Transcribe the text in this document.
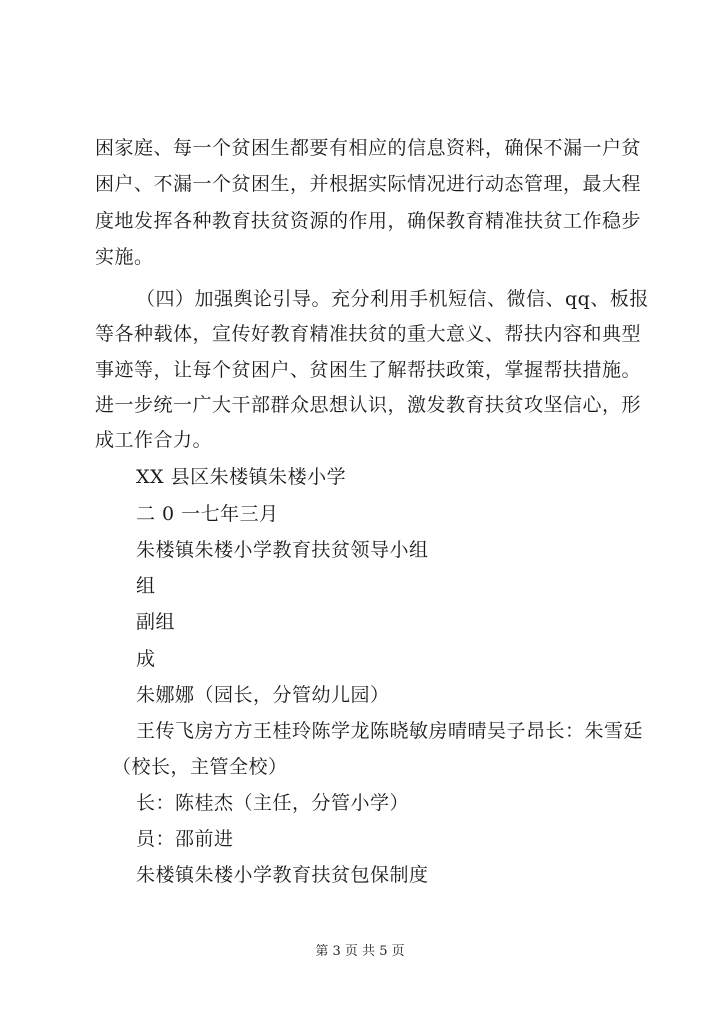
困家庭、每一个贫困生都要有相应的信息资料，确保不漏一户贫
困户、不漏一个贫困生，并根据实际情况进行动态管理，最大程
度地发挥各种教育扶贫资源的作用，确保教育精准扶贫工作稳步
实施。
（四）加强舆论引导。充分利用手机短信、微信、qq、板报
等各种载体，宣传好教育精准扶贫的重大意义、帮扶内容和典型
事迹等，让每个贫困户、贫困生了解帮扶政策，掌握帮扶措施。
进一步统一广大干部群众思想认识，激发教育扶贫攻坚信心，形
成工作合力。
XX 县区朱楼镇朱楼小学
二 0 一七年三月
朱楼镇朱楼小学教育扶贫领导小组
组
副组
成
朱娜娜（园长，分管幼儿园）
王传飞房方方王桂玲陈学龙陈晓敏房晴晴吴子昂长：朱雪廷
（校长，主管全校）
长：陈桂杰（主任，分管小学）
员：邵前进
朱楼镇朱楼小学教育扶贫包保制度
第 3 页 共 5 页
